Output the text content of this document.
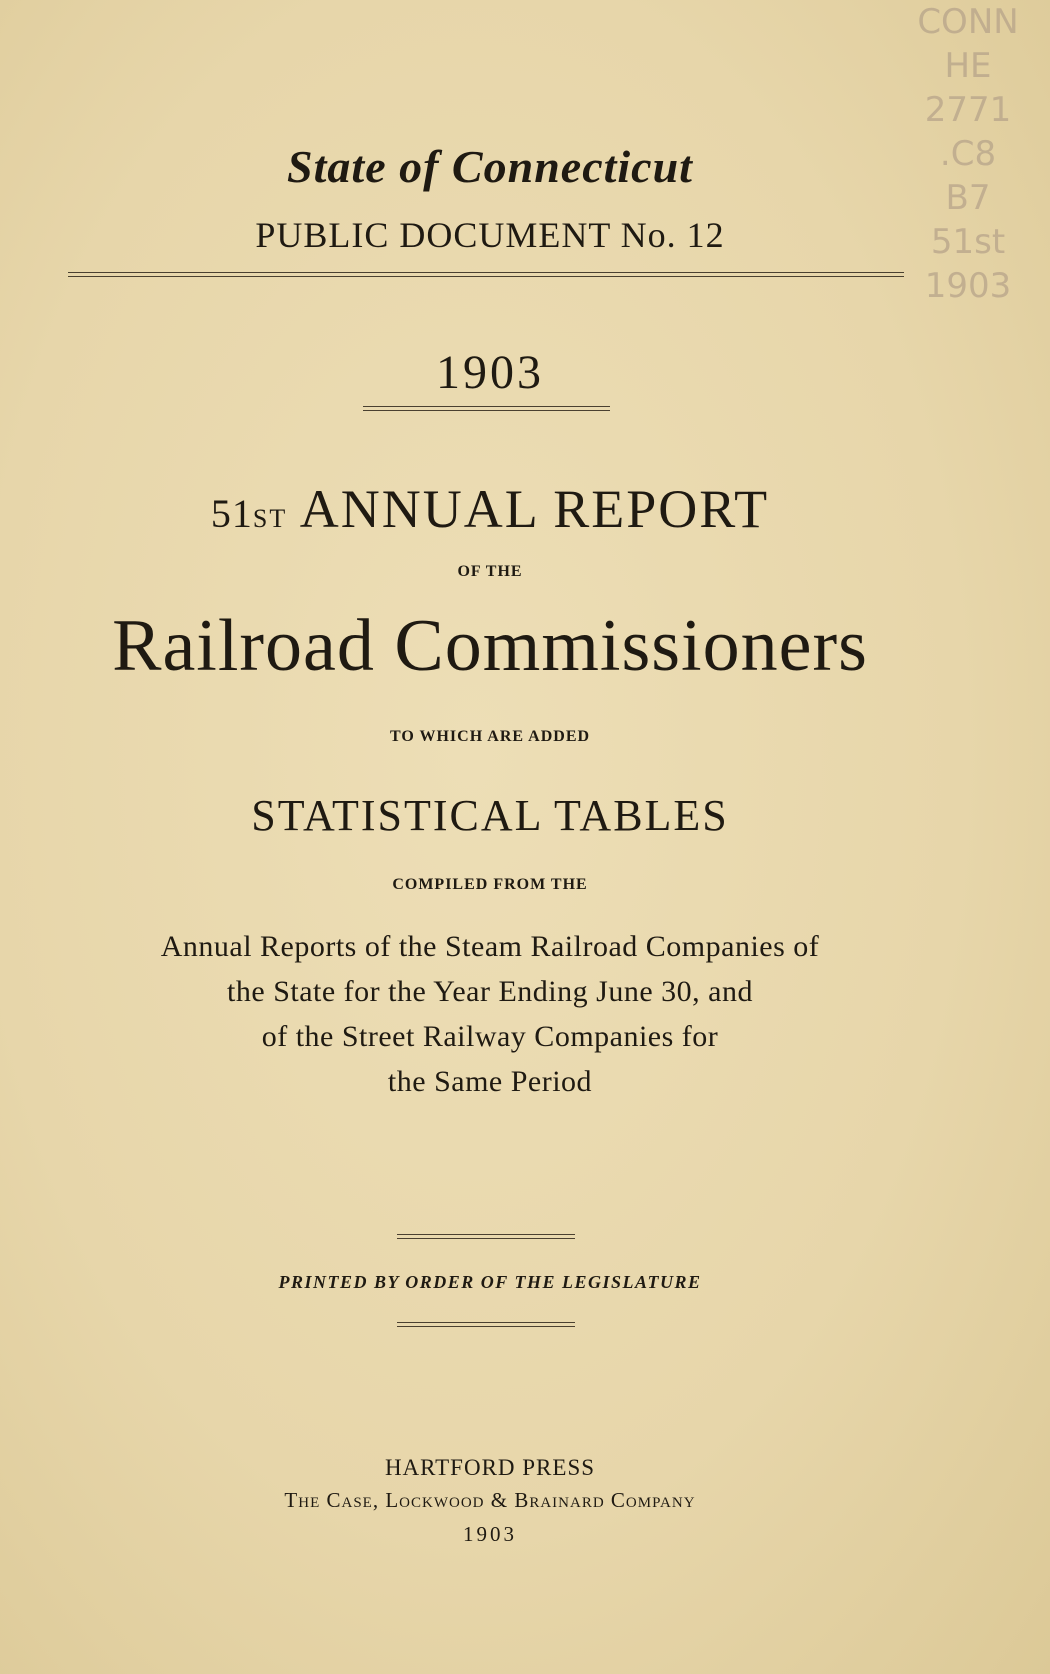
CONN
HE
2771
.C8
B7
51st
1903
State of Connecticut
PUBLIC DOCUMENT No. 12
1903
51ST ANNUAL REPORT
OF THE
Railroad Commissioners
TO WHICH ARE ADDED
STATISTICAL TABLES
COMPILED FROM THE
Annual Reports of the Steam Railroad Companies of
the State for the Year Ending June 30, and
of the Street Railway Companies for
the Same Period
PRINTED BY ORDER OF THE LEGISLATURE
HARTFORD PRESS
The Case, Lockwood & Brainard Company
1903
